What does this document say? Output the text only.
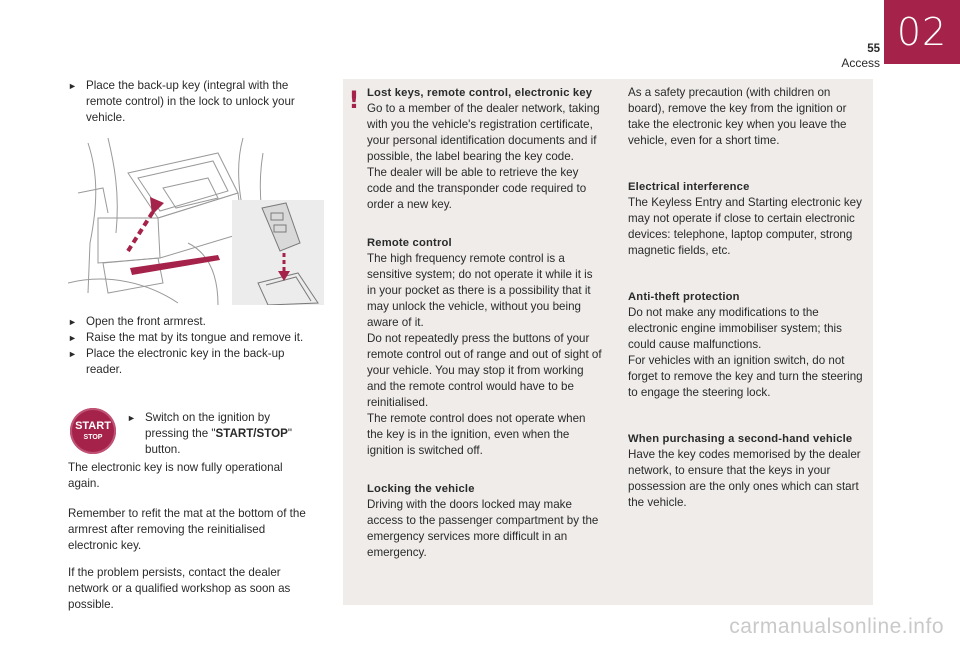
02
55
Access
► Place the back-up key (integral with the remote control) in the lock to unlock your vehicle.
► Open the front armrest.
► Raise the mat by its tongue and remove it.
► Place the electronic key in the back-up reader.
START
STOP
► Switch on the ignition by pressing the "START/STOP" button.

The electronic key is now fully operational again.

Remember to refit the mat at the bottom of the armrest after removing the reinitialised electronic key.

If the problem persists, contact the dealer network or a qualified workshop as soon as possible.

! Lost keys, remote control, electronic key

Go to a member of the dealer network, taking with you the vehicle's registration certificate, your personal identification documents and if possible, the label bearing the key code.

The dealer will be able to retrieve the key code and the transponder code required to order a new key.

Remote control

The high frequency remote control is a sensitive system; do not operate it while it is in your pocket as there is a possibility that it may unlock the vehicle, without you being aware of it.

Do not repeatedly press the buttons of your remote control out of range and out of sight of your vehicle. You may stop it from working and the remote control would have to be reinitialised.

The remote control does not operate when the key is in the ignition, even when the ignition is switched off.

Locking the vehicle

Driving with the doors locked may make access to the passenger compartment by the emergency services more difficult in an emergency.

As a safety precaution (with children on board), remove the key from the ignition or take the electronic key when you leave the vehicle, even for a short time.

Electrical interference

The Keyless Entry and Starting electronic key may not operate if close to certain electronic devices: telephone, laptop computer, strong magnetic fields, etc.

Anti-theft protection

Do not make any modifications to the electronic engine immobiliser system; this could cause malfunctions.

For vehicles with an ignition switch, do not forget to remove the key and turn the steering to engage the steering lock.

When purchasing a second-hand vehicle

Have the key codes memorised by the dealer network, to ensure that the keys in your possession are the only ones which can start the vehicle.

carmanualsonline.info
